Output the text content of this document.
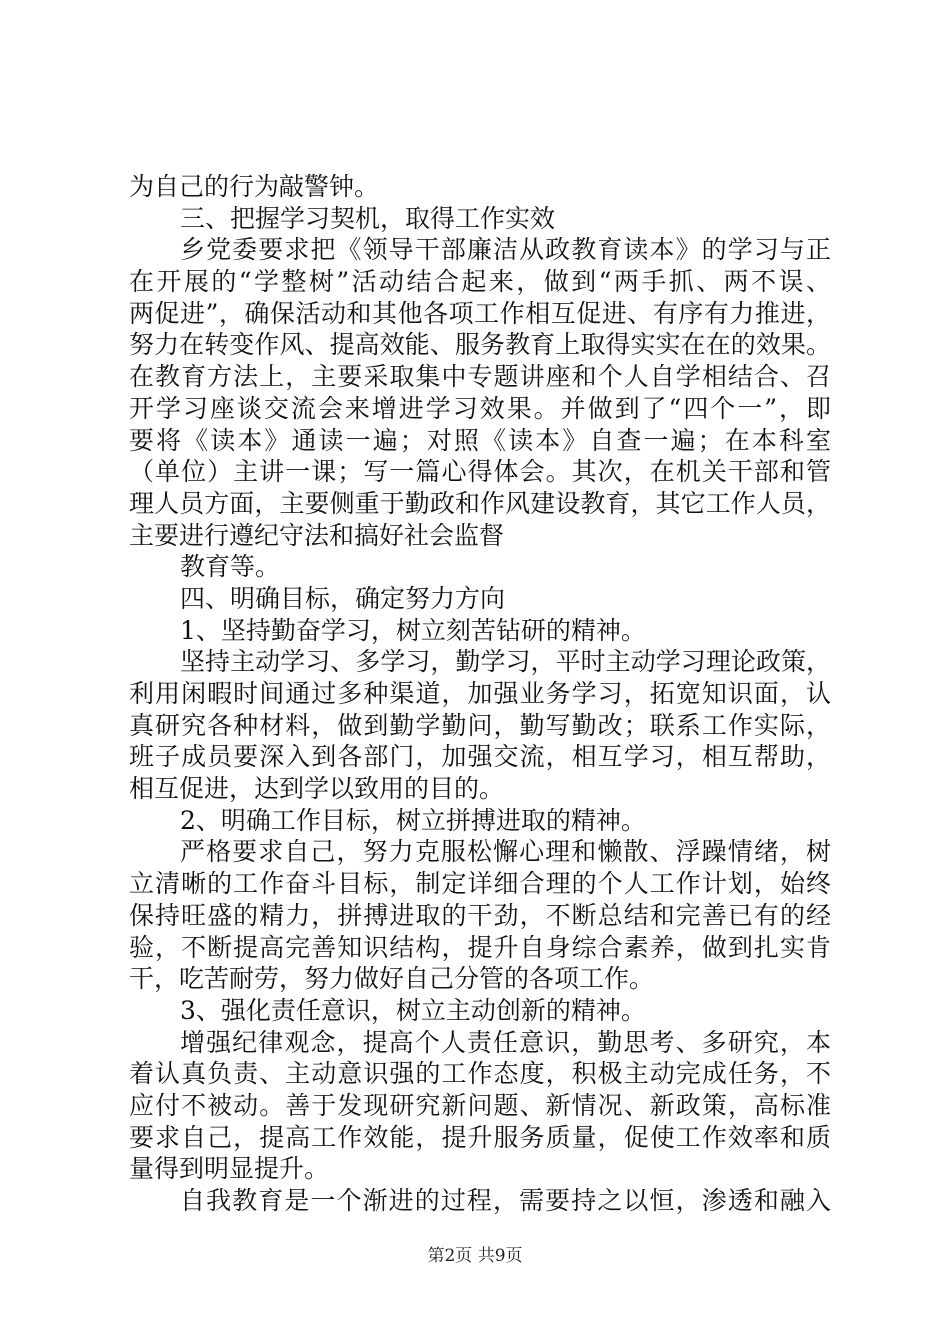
为自己的行为敲警钟。
三、把握学习契机，取得工作实效
乡党委要求把《领导干部廉洁从政教育读本》的学习与正
在开展的“学整树”活动结合起来，做到“两手抓、两不误、
两促进”，确保活动和其他各项工作相互促进、有序有力推进，
努力在转变作风、提高效能、服务教育上取得实实在在的效果。
在教育方法上，主要采取集中专题讲座和个人自学相结合、召
开学习座谈交流会来增进学习效果。并做到了“四个一”，即
要将《读本》通读一遍；对照《读本》自查一遍；在本科室
（单位）主讲一课；写一篇心得体会。其次，在机关干部和管
理人员方面，主要侧重于勤政和作风建设教育，其它工作人员，
主要进行遵纪守法和搞好社会监督
教育等。
四、明确目标，确定努力方向
1、坚持勤奋学习，树立刻苦钻研的精神。
坚持主动学习、多学习，勤学习，平时主动学习理论政策，
利用闲暇时间通过多种渠道，加强业务学习，拓宽知识面，认
真研究各种材料，做到勤学勤问，勤写勤改；联系工作实际，
班子成员要深入到各部门，加强交流，相互学习，相互帮助，
相互促进，达到学以致用的目的。
2、明确工作目标，树立拼搏进取的精神。
严格要求自己，努力克服松懈心理和懒散、浮躁情绪，树
立清晰的工作奋斗目标，制定详细合理的个人工作计划，始终
保持旺盛的精力，拼搏进取的干劲，不断总结和完善已有的经
验，不断提高完善知识结构，提升自身综合素养，做到扎实肯
干，吃苦耐劳，努力做好自己分管的各项工作。
3、强化责任意识，树立主动创新的精神。
增强纪律观念，提高个人责任意识，勤思考、多研究，本
着认真负责、主动意识强的工作态度，积极主动完成任务，不
应付不被动。善于发现研究新问题、新情况、新政策，高标准
要求自己，提高工作效能，提升服务质量，促使工作效率和质
量得到明显提升。
自我教育是一个渐进的过程，需要持之以恒，渗透和融入
第2页 共9页
